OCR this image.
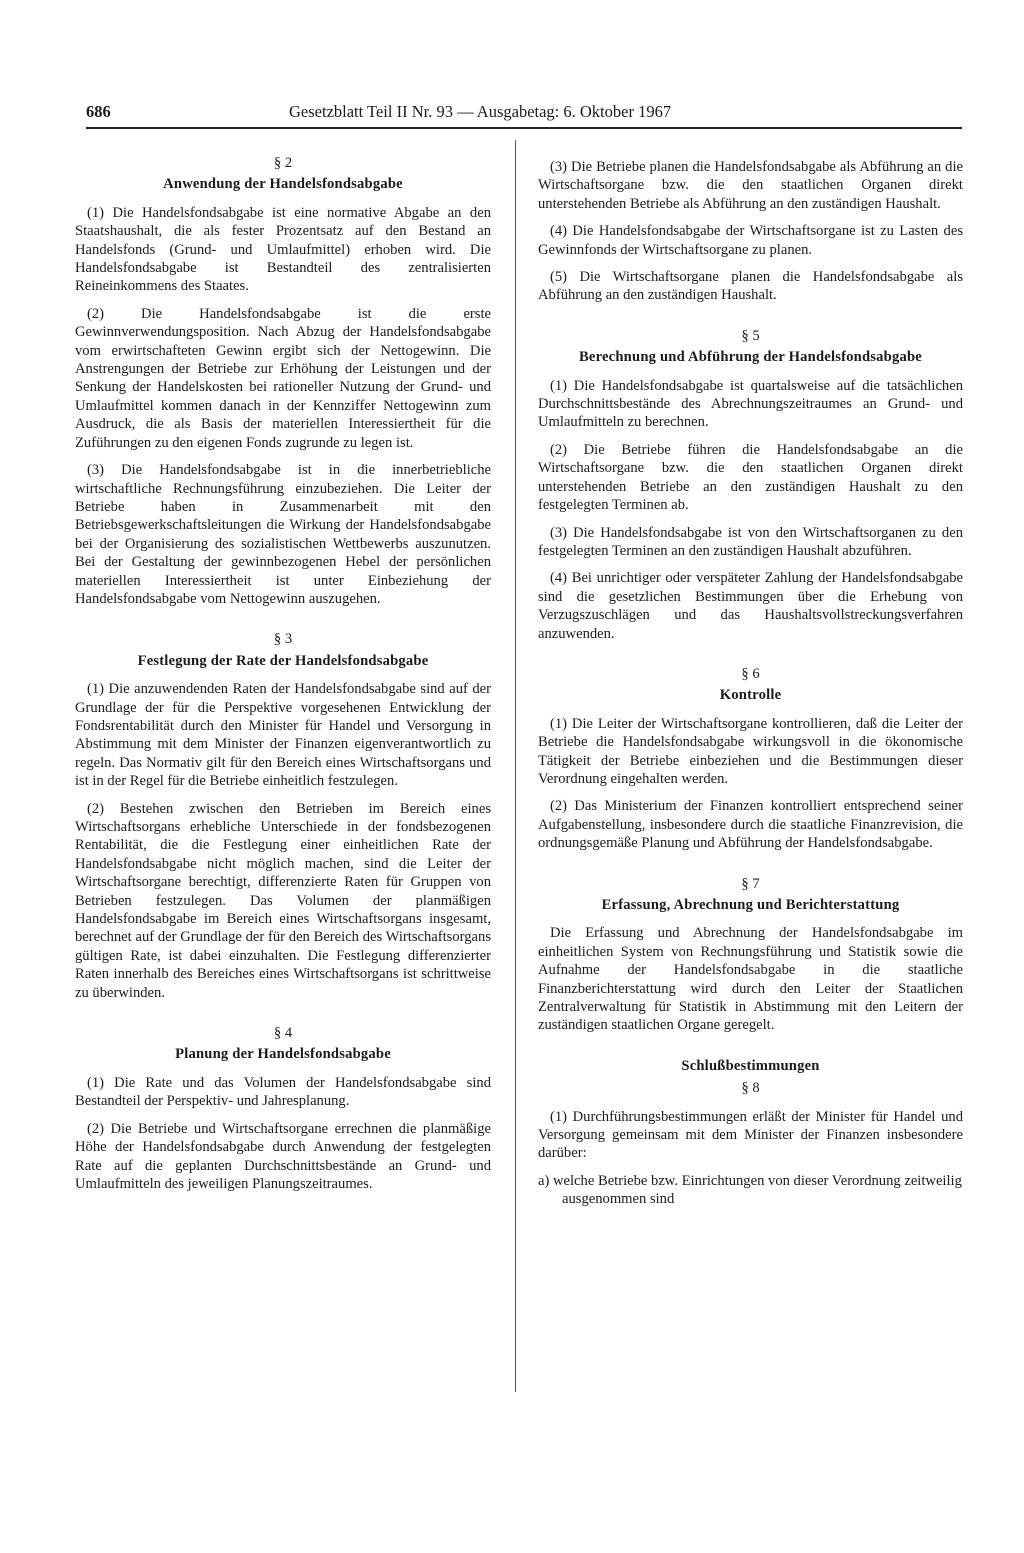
686	Gesetzblatt Teil II Nr. 93 — Ausgabetag: 6. Oktober 1967
§ 2
Anwendung der Handelsfondsabgabe

(1) Die Handelsfondsabgabe ist eine normative Abgabe an den Staatshaushalt, die als fester Prozentsatz auf den Bestand an Handelsfonds (Grund- und Umlaufmittel) erhoben wird. Die Handelsfondsabgabe ist Bestandteil des zentralisierten Reineinkommens des Staates.

(2) Die Handelsfondsabgabe ist die erste Gewinnverwendungsposition. Nach Abzug der Handelsfondsabgabe vom erwirtschafteten Gewinn ergibt sich der Nettogewinn. Die Anstrengungen der Betriebe zur Erhöhung der Leistungen und der Senkung der Handelskosten bei rationeller Nutzung der Grund- und Umlaufmittel kommen danach in der Kennziffer Nettogewinn zum Ausdruck, die als Basis der materiellen Interessiertheit für die Zuführungen zu den eigenen Fonds zugrunde zu legen ist.

(3) Die Handelsfondsabgabe ist in die innerbetriebliche wirtschaftliche Rechnungsführung einzubeziehen. Die Leiter der Betriebe haben in Zusammenarbeit mit den Betriebsgewerkschaftsleitungen die Wirkung der Handelsfondsabgabe bei der Organisierung des sozialistischen Wettbewerbs auszunutzen. Bei der Gestaltung der gewinnbezogenen Hebel der persönlichen materiellen Interessiertheit ist unter Einbeziehung der Handelsfondsabgabe vom Nettogewinn auszugehen.

§ 3
Festlegung der Rate der Handelsfondsabgabe

(1) Die anzuwendenden Raten der Handelsfondsabgabe sind auf der Grundlage der für die Perspektive vorgesehenen Entwicklung der Fondsrentabilität durch den Minister für Handel und Versorgung in Abstimmung mit dem Minister der Finanzen eigenverantwortlich zu regeln. Das Normativ gilt für den Bereich eines Wirtschaftsorgans und ist in der Regel für die Betriebe einheitlich festzulegen.

(2) Bestehen zwischen den Betrieben im Bereich eines Wirtschaftsorgans erhebliche Unterschiede in der fondsbezogenen Rentabilität, die die Festlegung einer einheitlichen Rate der Handelsfondsabgabe nicht möglich machen, sind die Leiter der Wirtschaftsorgane berechtigt, differenzierte Raten für Gruppen von Betrieben festzulegen. Das Volumen der planmäßigen Handelsfondsabgabe im Bereich eines Wirtschaftsorgans insgesamt, berechnet auf der Grundlage der für den Bereich des Wirtschaftsorgans gültigen Rate, ist dabei einzuhalten. Die Festlegung differenzierter Raten innerhalb des Bereiches eines Wirtschaftsorgans ist schrittweise zu überwinden.

§ 4
Planung der Handelsfondsabgabe

(1) Die Rate und das Volumen der Handelsfondsabgabe sind Bestandteil der Perspektiv- und Jahresplanung.

(2) Die Betriebe und Wirtschaftsorgane errechnen die planmäßige Höhe der Handelsfondsabgabe durch Anwendung der festgelegten Rate auf die geplanten Durchschnittsbestände an Grund- und Umlaufmitteln des jeweiligen Planungszeitraumes.

(3) Die Betriebe planen die Handelsfondsabgabe als Abführung an die Wirtschaftsorgane bzw. die den staatlichen Organen direkt unterstehenden Betriebe als Abführung an den zuständigen Haushalt.

(4) Die Handelsfondsabgabe der Wirtschaftsorgane ist zu Lasten des Gewinnfonds der Wirtschaftsorgane zu planen.

(5) Die Wirtschaftsorgane planen die Handelsfondsabgabe als Abführung an den zuständigen Haushalt.

§ 5
Berechnung und Abführung der Handelsfondsabgabe

(1) Die Handelsfondsabgabe ist quartalsweise auf die tatsächlichen Durchschnittsbestände des Abrechnungszeitraumes an Grund- und Umlaufmitteln zu berechnen.

(2) Die Betriebe führen die Handelsfondsabgabe an die Wirtschaftsorgane bzw. die den staatlichen Organen direkt unterstehenden Betriebe an den zuständigen Haushalt zu den festgelegten Terminen ab.

(3) Die Handelsfondsabgabe ist von den Wirtschaftsorganen zu den festgelegten Terminen an den zuständigen Haushalt abzuführen.

(4) Bei unrichtiger oder verspäteter Zahlung der Handelsfondsabgabe sind die gesetzlichen Bestimmungen über die Erhebung von Verzugszuschlägen und das Haushaltsvollstreckungsverfahren anzuwenden.

§ 6
Kontrolle

(1) Die Leiter der Wirtschaftsorgane kontrollieren, daß die Leiter der Betriebe die Handelsfondsabgabe wirkungsvoll in die ökonomische Tätigkeit der Betriebe einbeziehen und die Bestimmungen dieser Verordnung eingehalten werden.

(2) Das Ministerium der Finanzen kontrolliert entsprechend seiner Aufgabenstellung, insbesondere durch die staatliche Finanzrevision, die ordnungsgemäße Planung und Abführung der Handelsfondsabgabe.

§ 7
Erfassung, Abrechnung und Berichterstattung

Die Erfassung und Abrechnung der Handelsfondsabgabe im einheitlichen System von Rechnungsführung und Statistik sowie die Aufnahme der Handelsfondsabgabe in die staatliche Finanzberichterstattung wird durch den Leiter der Staatlichen Zentralverwaltung für Statistik in Abstimmung mit den Leitern der zuständigen staatlichen Organe geregelt.

Schlußbestimmungen
§ 8

(1) Durchführungsbestimmungen erläßt der Minister für Handel und Versorgung gemeinsam mit dem Minister der Finanzen insbesondere darüber:

a) welche Betriebe bzw. Einrichtungen von dieser Verordnung zeitweilig ausgenommen sind
